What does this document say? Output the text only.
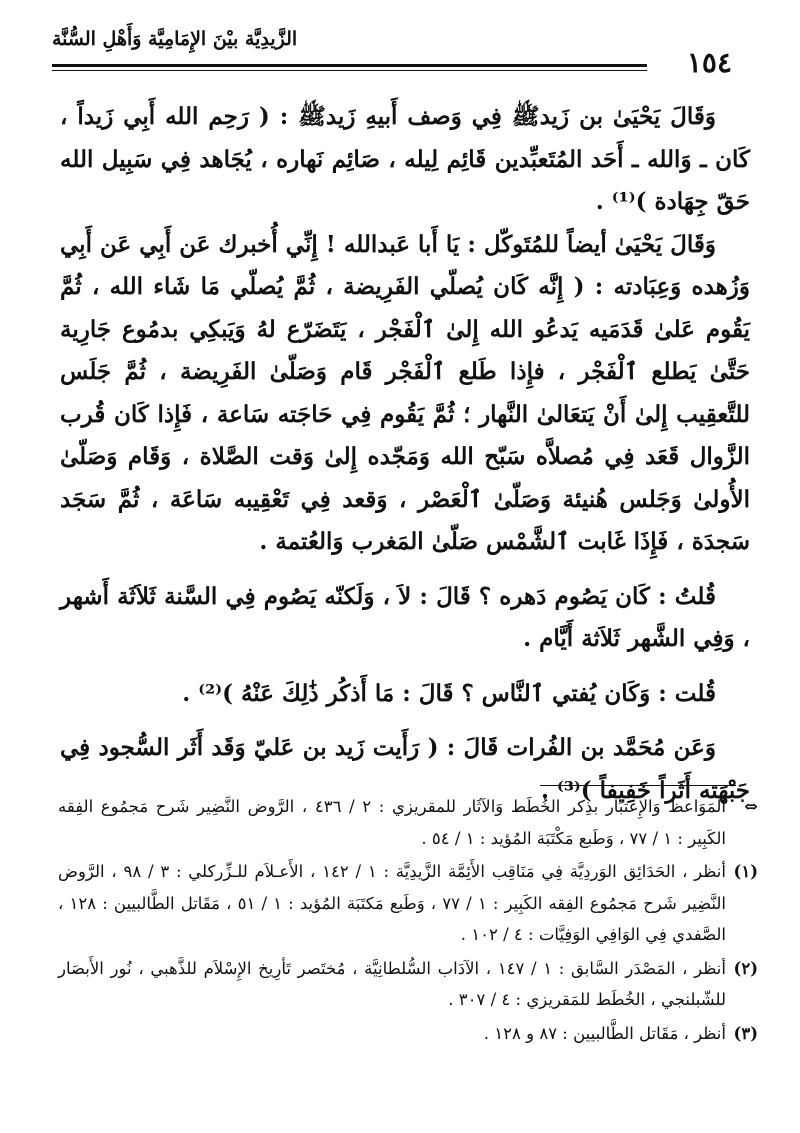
الزَّيدِيَّة بيْنَ الإِمَامِيَّة وَأَهْلِ السُّنَّة
١٥٤

وَقَالَ يَحْيَىٰ بن زَيدﷺ فِي وَصف أَبيهِ زَيدﷺ : ( رَحِم الله أَبِي زَيداً ، كَان ـ وَالله ـ أَحَد المُتَعبِّدين قَائِم لِيله ، صَائِم نَهاره ، يُجَاهد فِي سَبِيل الله حَقّ جِهَادة )⁽¹⁾ .

وَقَالَ يَحْيَىٰ أيضاً للمُتَوكّل : يَا أَبا عَبدالله ! إِنِّي أُخبرك عَن أَبِي عَن أَبِي وَزُهده وَعِبَادته : ( إِنَّه كَان يُصلّي الفَرِيضة ، ثُمَّ يُصلّي مَا شَاء الله ، ثُمَّ يَقُوم عَلىٰ قَدَمَيه يَدعُو الله إِلىٰ ٱلْفَجْر ، يَتَضَرّع لهُ وَيَبكِي بدمُوع جَارِية حَتَّىٰ يَطلع ٱلْفَجْر ، فإِذا طَلع ٱلْفَجْر قَام وَصَلّىٰ الفَرِيضة ، ثُمَّ جَلَس للتَّعقِيب إِلىٰ أَنْ يَتعَالىٰ النَّهار ؛ ثُمَّ يَقُوم فِي حَاجَته سَاعة ، فَإِذا كَان قُرب الزَّوال قَعَد فِي مُصلاَّه سَبّح الله وَمَجّده إِلىٰ وَقت الصَّلاة ، وَقَام وَصَلّىٰ الأُولىٰ وَجَلس هُنيئة وَصَلّىٰ ٱلْعَصْر ، وَقعد فِي تَعْقِيبه سَاعَة ، ثُمَّ سَجَد سَجدَة ، فَإِذَا غَابت ٱلشَّمْس صَلّىٰ المَغرب وَالعُتمة .

قُلتُ : كَان يَصُوم دَهره ؟ قَالَ : لاَ ، وَلَكنّه يَصُوم فِي السَّنة ثَلاَثَة أَشهر ، وَفِي الشَّهر ثَلاَثة أَيَّام .

قُلت : وَكَان يُفتي ٱلنَّاس ؟ قَالَ : مَا أَذكُر ذَٰلِكَ عَنْهُ )⁽²⁾ .

وَعَن مُحَمَّد بن الفُرات قَالَ : ( رَأَيت زَيد بن عَليّ وَقَد أَثَر السُّجود فِي جَبْهَته أَثَراً خَفِيفاً )⁽³⁾ .

⇔
المَوَاعظ وَالإِعتبَار بذِكر الخُطَط وَالآثَار للمقريزي : ٢ / ٤٣٦ ، الرَّوض النَّضِير شَرح مَجمُوع الفِقه الكَبِير : ١ / ٧٧ ، وَطَبع مَكْتَبَة المُؤيد : ١ / ٥٤ .

(١)
أنظر ، الحَدَائِق الوَردِيَّة فِي مَنَاقِب الأَئِمَّة الزَّيدِيَّة : ١ / ١٤٢ ، الأَعـلاَم للـزِّركلي : ٣ / ٩٨ ، الرَّوض النَّضِير شَرح مَجمُوع الفِقه الكَبِير : ١ / ٧٧ ، وَطَبع مَكتَبَة المُؤيد : ١ / ٥١ ، مَقَاتل الطَّالبيين : ١٢٨ ، الصَّفدي فِي الوَافِي الوَفِيَّات : ٤ / ١٠٢ .

(٢)
أنظر ، المَصْدَر السَّابق : ١ / ١٤٧ ، الآدَاب السُّلطانِيَّة ، مُختَصر تَأرِيخ الإِسْلاَم للذَّهبي ، نُور الأَبصَار للشّبلنجي ، الخُطَط للمَقريزي : ٤ / ٣٠٧ .

(٣)
أنظر ، مَقَاتل الطَّالبيين : ٨٧ و ١٢٨ .
